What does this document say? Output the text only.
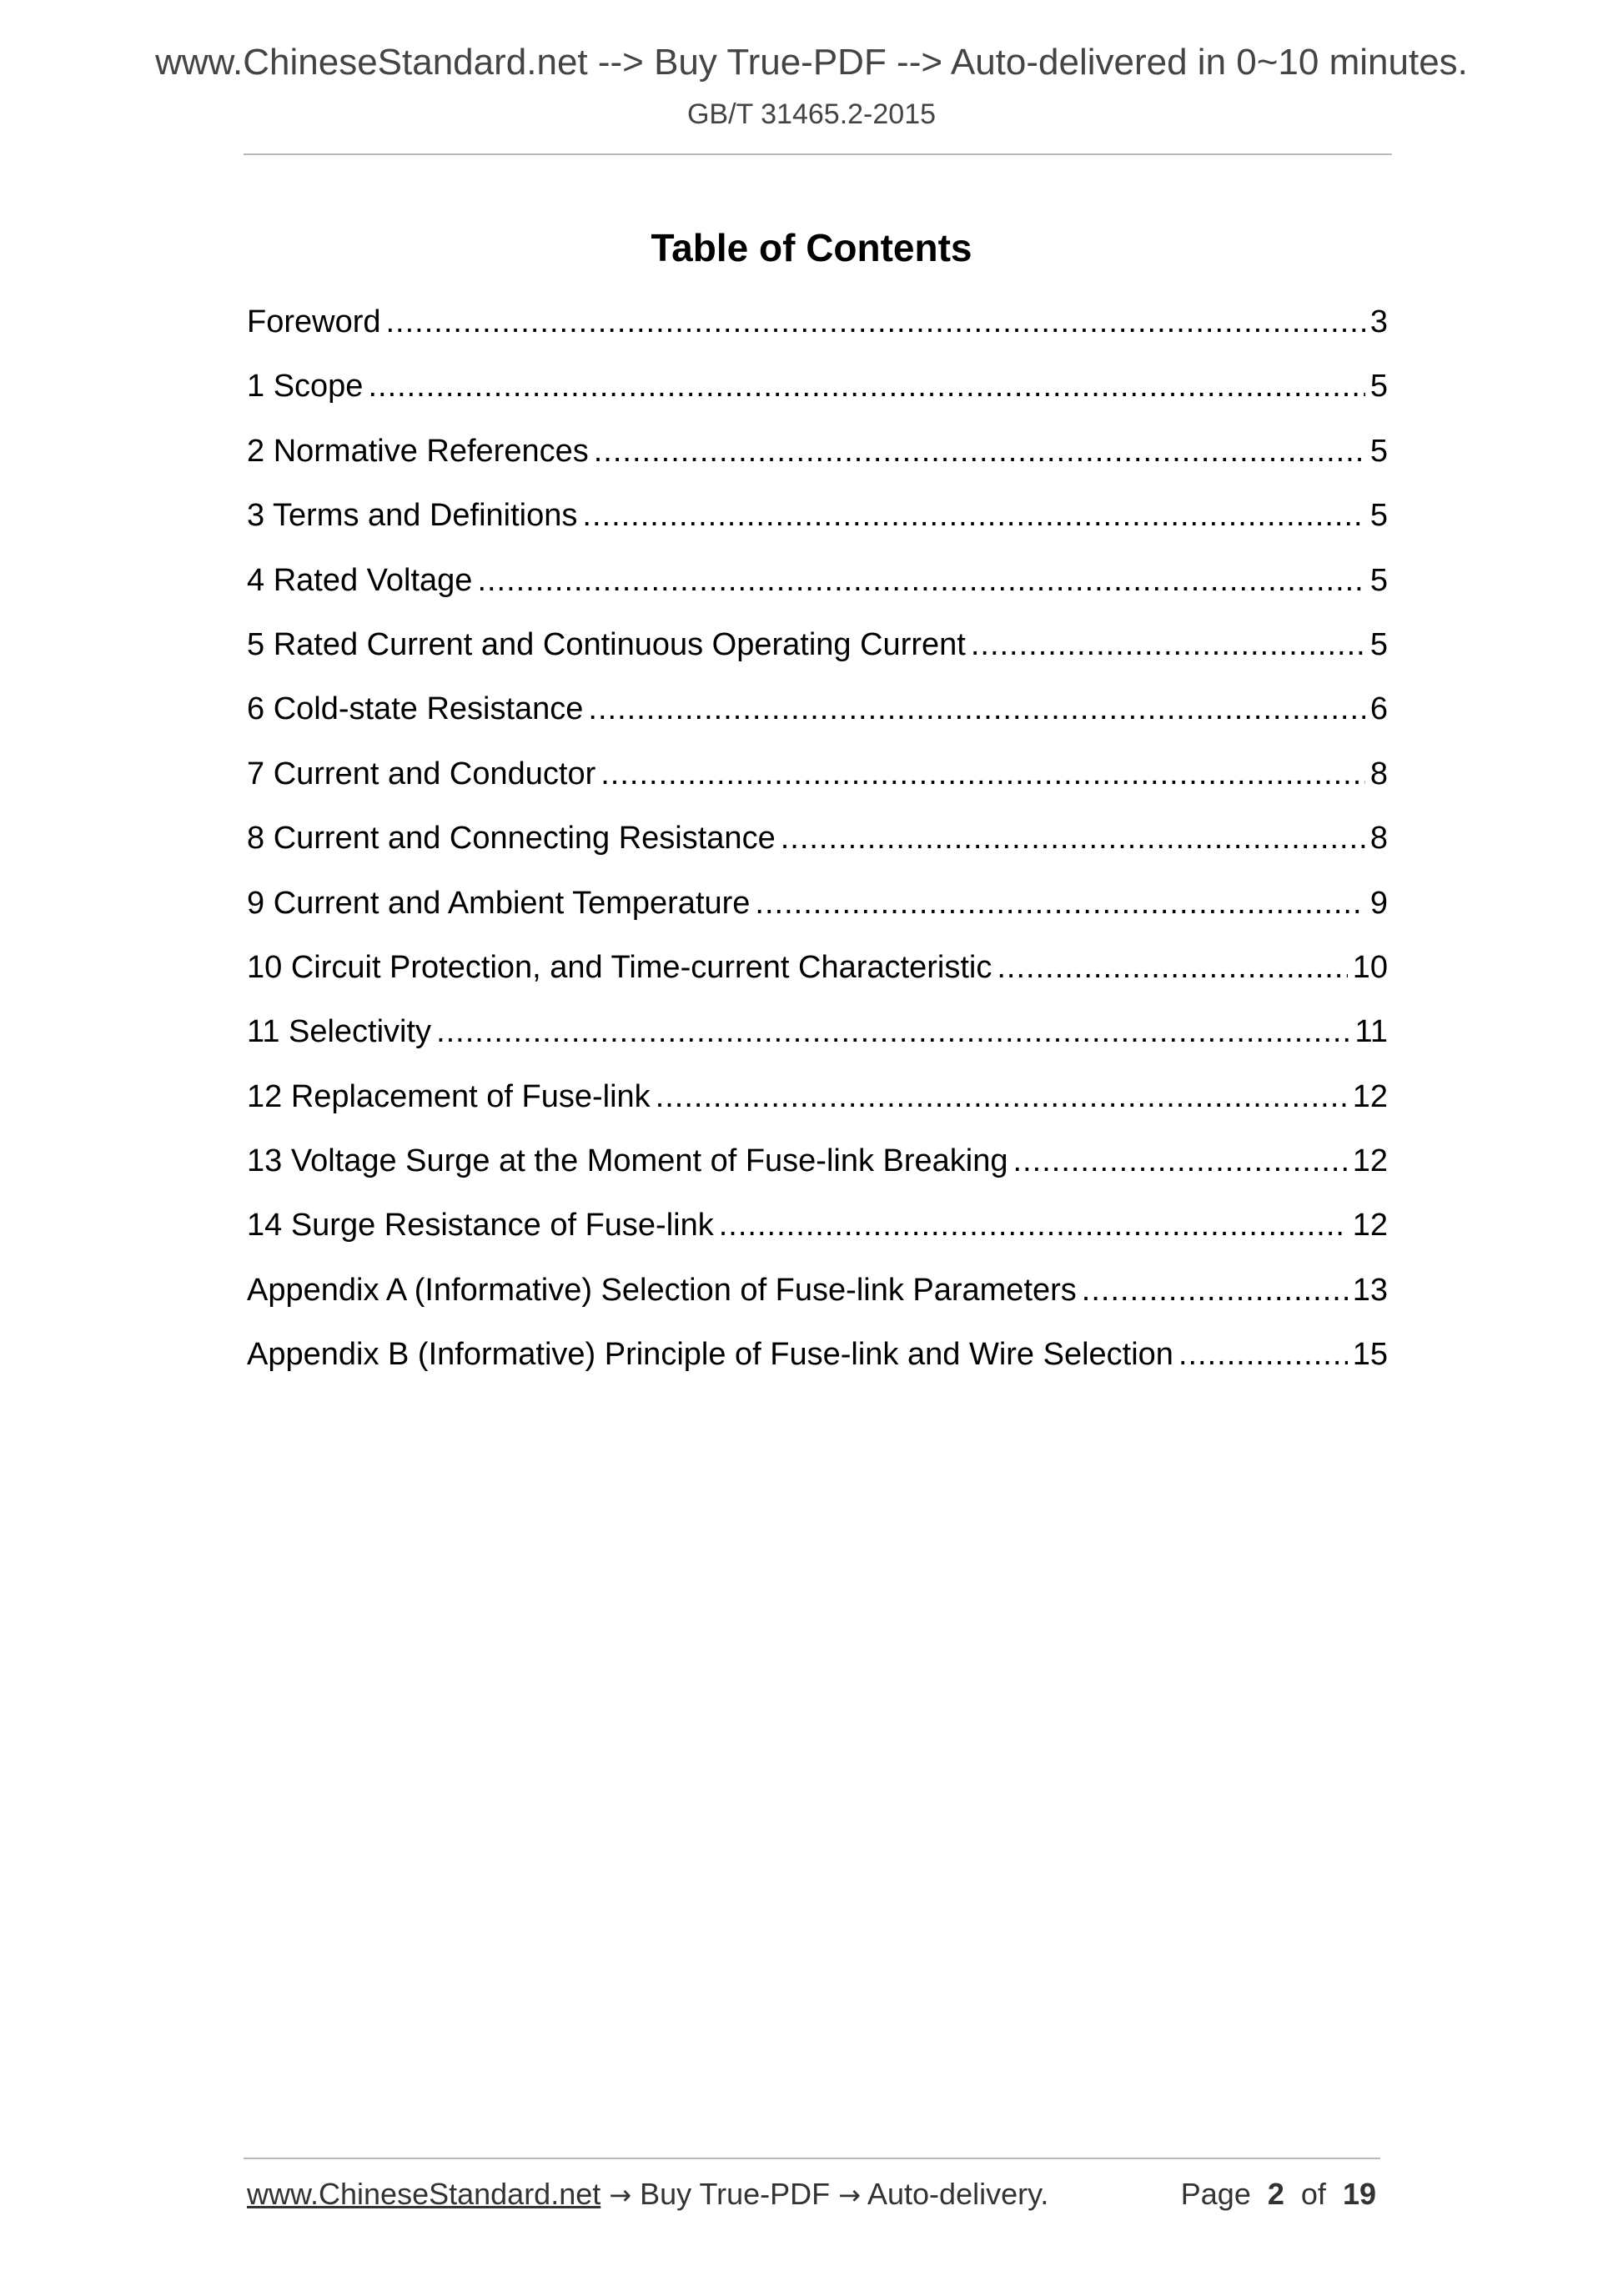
www.ChineseStandard.net --> Buy True-PDF --> Auto-delivered in 0~10 minutes.
GB/T 31465.2-2015
Table of Contents
Foreword .....	3
1 Scope .....	5
2 Normative References .....	5
3 Terms and Definitions .....	5
4 Rated Voltage .....	5
5 Rated Current and Continuous Operating Current .....	5
6 Cold-state Resistance .....	6
7 Current and Conductor .....	8
8 Current and Connecting Resistance .....	8
9 Current and Ambient Temperature .....	9
10 Circuit Protection, and Time-current Characteristic .....	10
11 Selectivity .....	11
12 Replacement of Fuse-link .....	12
13 Voltage Surge at the Moment of Fuse-link Breaking .....	12
14 Surge Resistance of Fuse-link .....	12
Appendix A (Informative) Selection of Fuse-link Parameters .....	13
Appendix B (Informative) Principle of Fuse-link and Wire Selection .....	15
www.ChineseStandard.net → Buy True-PDF → Auto-delivery.	Page 2 of 19
